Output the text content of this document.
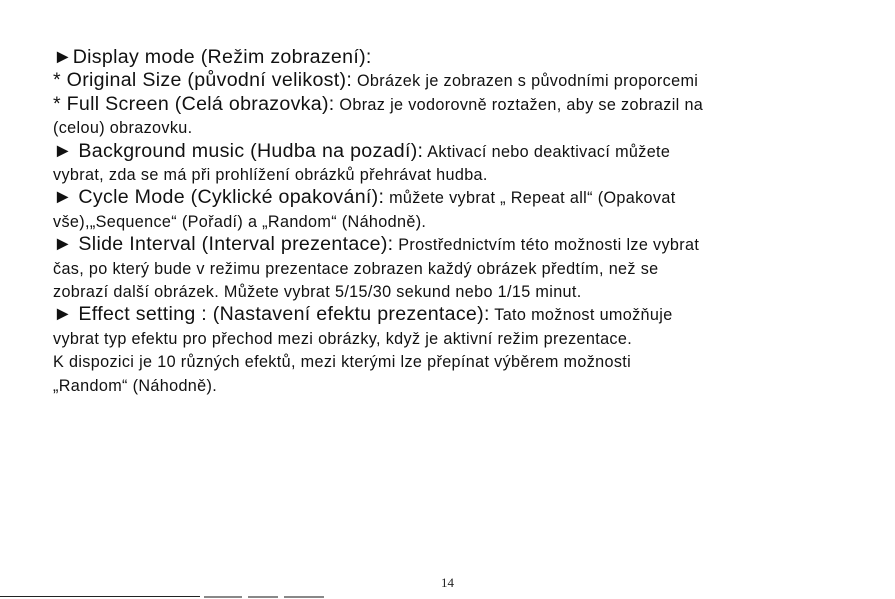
►Display mode (Režim zobrazení):
* Original Size (původní velikost): Obrázek je zobrazen s původními proporcemi
* Full Screen (Celá obrazovka): Obraz je vodorovně roztažen, aby se zobrazil na
(celou) obrazovku.
► Background music (Hudba na pozadí): Aktivací nebo deaktivací můžete
vybrat, zda se má při prohlížení obrázků přehrávat hudba.
► Cycle Mode (Cyklické opakování): můžete vybrat „ Repeat all“ (Opakovat
vše),„Sequence“ (Pořadí) a „Random“ (Náhodně).
► Slide Interval (Interval prezentace): Prostřednictvím této možnosti lze vybrat
čas, po který bude v režimu prezentace zobrazen každý obrázek předtím, než se
zobrazí další obrázek. Můžete vybrat 5/15/30 sekund nebo 1/15 minut.
► Effect setting : (Nastavení efektu prezentace): Tato možnost umožňuje
vybrat typ efektu pro přechod mezi obrázky, když je aktivní režim prezentace.
K dispozici je 10 různých efektů, mezi kterými lze přepínat výběrem možnosti
„Random“ (Náhodně).
14
